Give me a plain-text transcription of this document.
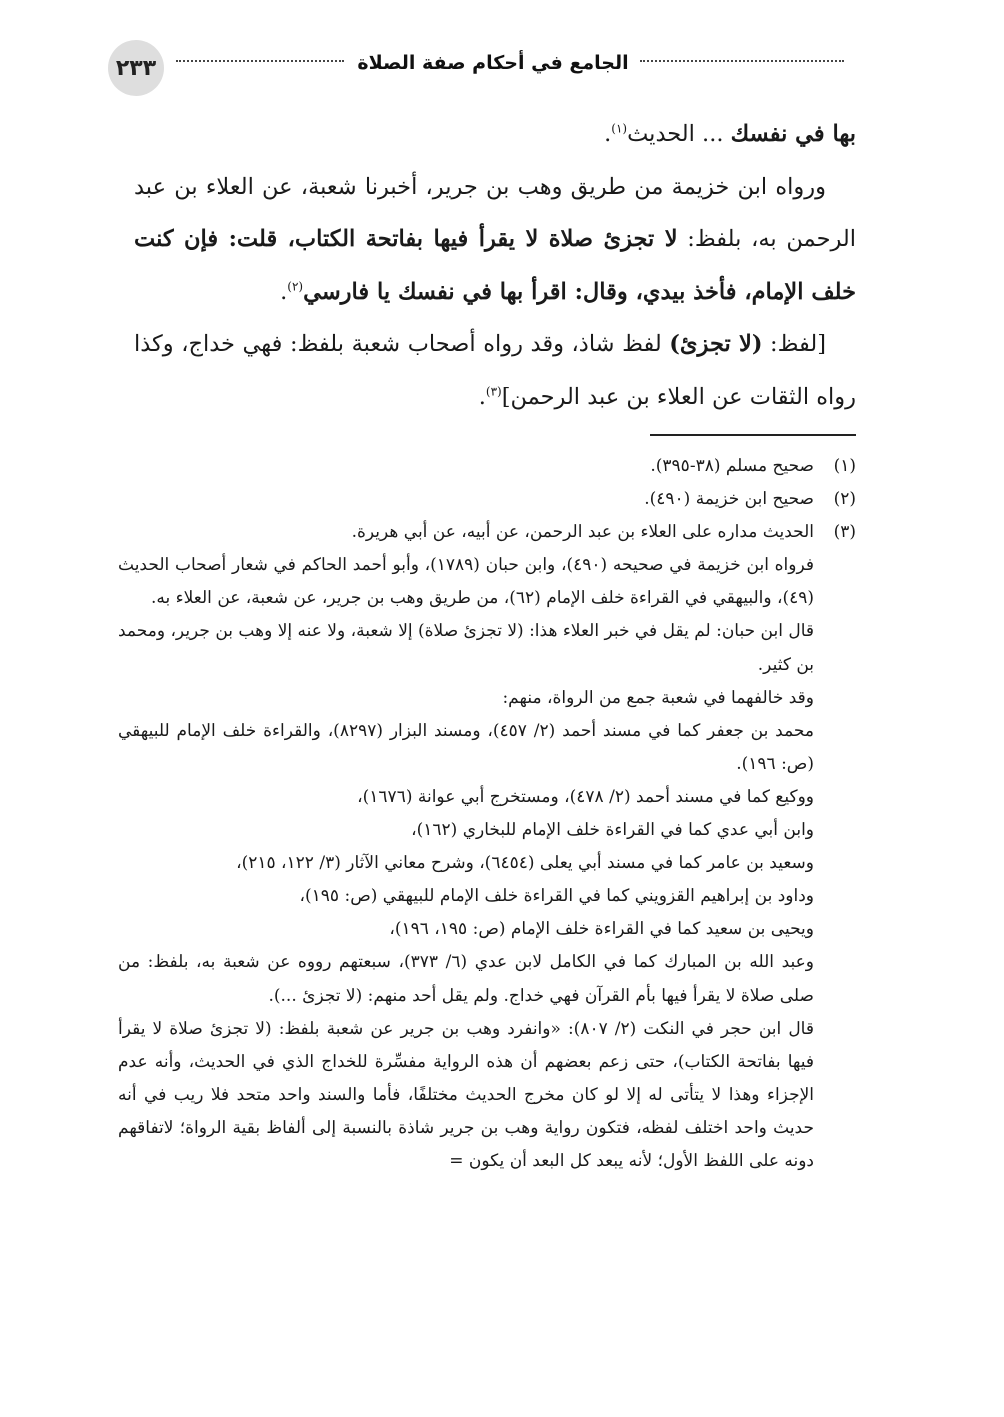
٢٣٣	الجامع في أحكام صفة الصلاة

بها في نفسك ... الحديث$^{(١)}$.

ورواه ابن خزيمة من طريق وهب بن جرير، أخبرنا شعبة، عن العلاء بن عبد الرحمن به، بلفظ: لا تجزئ صلاة لا يقرأ فيها بفاتحة الكتاب، قلت: فإن كنت خلف الإمام، فأخذ بيدي، وقال: اقرأ بها في نفسك يا فارسي$^{(٢)}$.

[لفظ: (لا تجزئ) لفظ شاذ، وقد رواه أصحاب شعبة بلفظ: فهي خداج، وكذا رواه الثقات عن العلاء بن عبد الرحمن]$^{(٣)}$.

(١)

صحيح مسلم (٣٨-٣٩٥).

(٢)

صحيح ابن خزيمة (٤٩٠).

(٣)

الحديث مداره على العلاء بن عبد الرحمن، عن أبيه، عن أبي هريرة.

فرواه ابن خزيمة في صحيحه (٤٩٠)، وابن حبان (١٧٨٩)، وأبو أحمد الحاكم في شعار أصحاب الحديث (٤٩)، والبيهقي في القراءة خلف الإمام (٦٢)، من طريق وهب بن جرير، عن شعبة، عن العلاء به.

قال ابن حبان: لم يقل في خبر العلاء هذا: (لا تجزئ صلاة) إلا شعبة، ولا عنه إلا وهب بن جرير، ومحمد بن كثير.

وقد خالفهما في شعبة جمع من الرواة، منهم:

محمد بن جعفر كما في مسند أحمد (٢/ ٤٥٧)، ومسند البزار (٨٢٩٧)، والقراءة خلف الإمام للبيهقي (ص: ١٩٦).

ووكيع كما في مسند أحمد (٢/ ٤٧٨)، ومستخرج أبي عوانة (١٦٧٦)،

وابن أبي عدي كما في القراءة خلف الإمام للبخاري (١٦٢)،

وسعيد بن عامر كما في مسند أبي يعلى (٦٤٥٤)، وشرح معاني الآثار (٣/ ١٢٢، ٢١٥)،

وداود بن إبراهيم القزويني كما في القراءة خلف الإمام للبيهقي (ص: ١٩٥)،

ويحيى بن سعيد كما في القراءة خلف الإمام (ص: ١٩٥، ١٩٦)،

وعبد الله بن المبارك كما في الكامل لابن عدي (٦/ ٣٧٣)، سبعتهم رووه عن شعبة به، بلفظ: من صلى صلاة لا يقرأ فيها بأم القرآن فهي خداج. ولم يقل أحد منهم: (لا تجزئ ...).

قال ابن حجر في النكت (٢/ ٨٠٧): «وانفرد وهب بن جرير عن شعبة بلفظ: (لا تجزئ صلاة لا يقرأ فيها بفاتحة الكتاب)، حتى زعم بعضهم أن هذه الرواية مفسِّرة للخداج الذي في الحديث، وأنه عدم الإجزاء وهذا لا يتأتى له إلا لو كان مخرج الحديث مختلفًا، فأما والسند واحد متحد فلا ريب في أنه حديث واحد اختلف لفظه، فتكون رواية وهب بن جرير شاذة بالنسبة إلى ألفاظ بقية الرواة؛ لاتفاقهم دونه على اللفظ الأول؛ لأنه يبعد كل البعد أن يكون =
